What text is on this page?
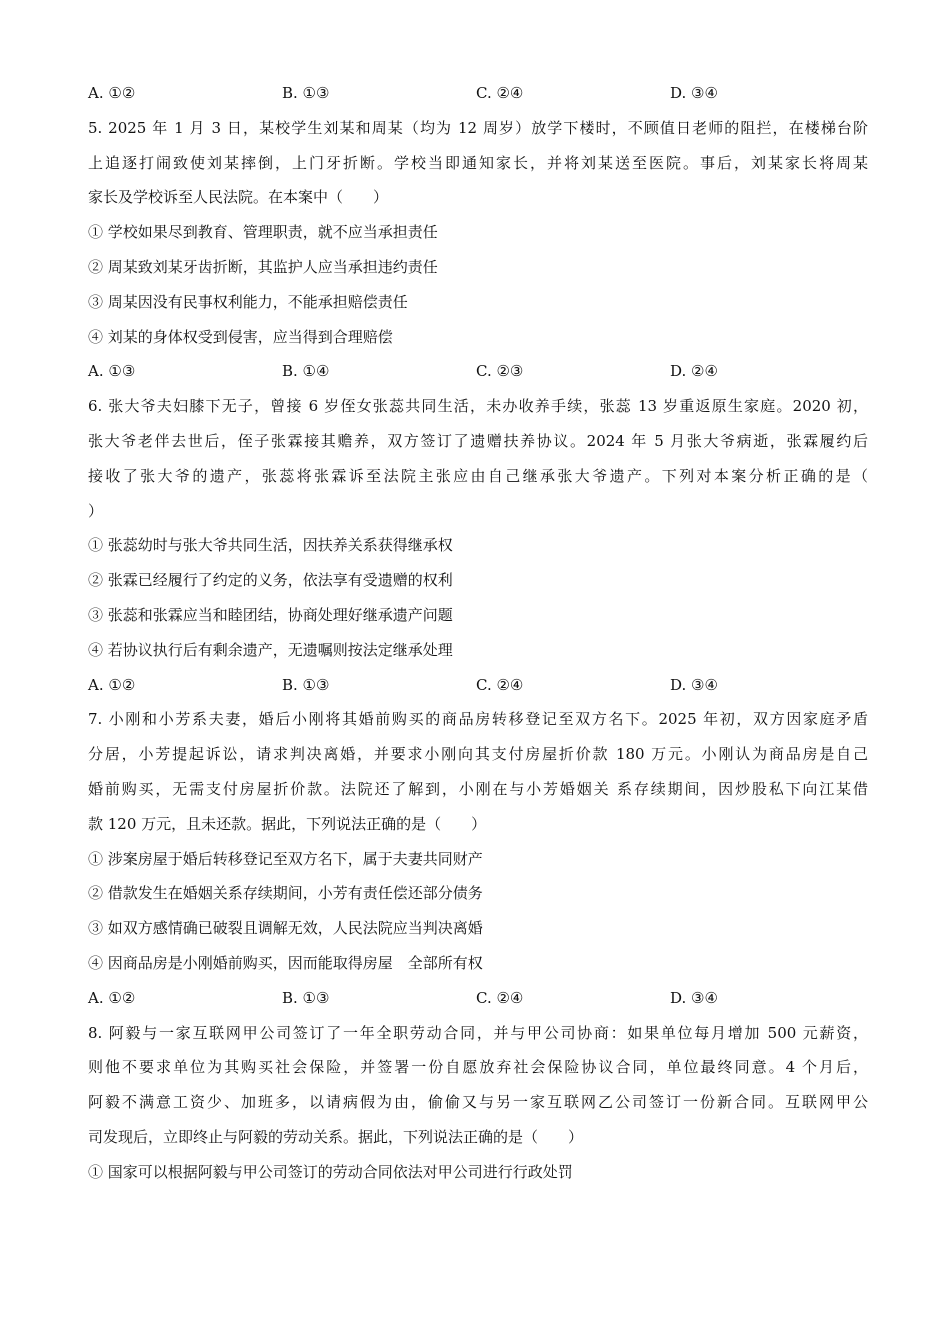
A. ①②	B. ①③	C. ②④	D. ③④
5. 2025 年 1 月 3 日，某校学生刘某和周某（均为 12 周岁）放学下楼时，不顾值日老师的阻拦，在楼梯台阶
上追逐打闹致使刘某摔倒，上门牙折断。学校当即通知家长，并将刘某送至医院。事后，刘某家长将周某
家长及学校诉至人民法院。在本案中（　　）
① 学校如果尽到教育、管理职责，就不应当承担责任
② 周某致刘某牙齿折断，其监护人应当承担违约责任
③ 周某因没有民事权利能力，不能承担赔偿责任
④ 刘某的身体权受到侵害，应当得到合理赔偿
A. ①③	B. ①④	C. ②③	D. ②④
6. 张大爷夫妇膝下无子，曾接 6 岁侄女张蕊共同生活，未办收养手续，张蕊 13 岁重返原生家庭。2020 初，
张大爷老伴去世后，侄子张霖接其赡养，双方签订了遗赠扶养协议。2024 年 5 月张大爷病逝，张霖履约后
接收了张大爷的遗产，张蕊将张霖诉至法院主张应由自己继承张大爷遗产。下列对本案分析正确的是（
）
① 张蕊幼时与张大爷共同生活，因扶养关系获得继承权
② 张霖已经履行了约定的义务，依法享有受遗赠的权利
③ 张蕊和张霖应当和睦团结，协商处理好继承遗产问题
④ 若协议执行后有剩余遗产，无遗嘱则按法定继承处理
A. ①②	B. ①③	C. ②④	D. ③④
7. 小刚和小芳系夫妻，婚后小刚将其婚前购买的商品房转移登记至双方名下。2025 年初，双方因家庭矛盾
分居，小芳提起诉讼，请求判决离婚，并要求小刚向其支付房屋折价款 180 万元。小刚认为商品房是自己
婚前购买，无需支付房屋折价款。法院还了解到，小刚在与小芳婚姻关 系存续期间，因炒股私下向江某借
款 120 万元，且未还款。据此，下列说法正确的是（　　）
① 涉案房屋于婚后转移登记至双方名下，属于夫妻共同财产
② 借款发生在婚姻关系存续期间，小芳有责任偿还部分债务
③ 如双方感情确已破裂且调解无效，人民法院应当判决离婚
④ 因商品房是小刚婚前购买，因而能取得房屋　全部所有权
A. ①②	B. ①③	C. ②④	D. ③④
8. 阿毅与一家互联网甲公司签订了一年全职劳动合同，并与甲公司协商：如果单位每月增加 500 元薪资，
则他不要求单位为其购买社会保险，并签署一份自愿放弃社会保险协议合同，单位最终同意。4 个月后，
阿毅不满意工资少、加班多，以请病假为由，偷偷又与另一家互联网乙公司签订一份新合同。互联网甲公
司发现后，立即终止与阿毅的劳动关系。据此，下列说法正确的是（　　）
① 国家可以根据阿毅与甲公司签订的劳动合同依法对甲公司进行行政处罚
